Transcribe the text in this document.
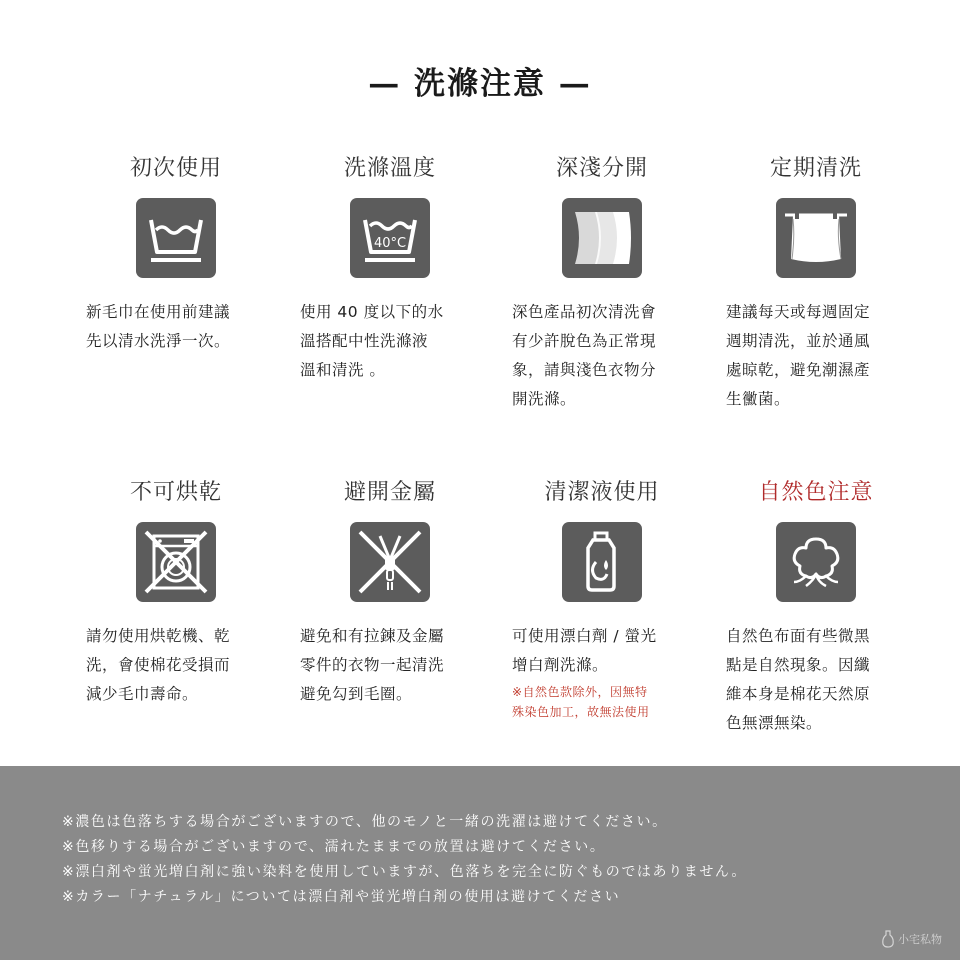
— 洗滌注意 —
初次使用
新毛巾在使用前建議
先以清水洗淨一次。
洗滌溫度
40°C
使用 40 度以下的水
溫搭配中性洗滌液
溫和清洗 。
深淺分開
深色產品初次清洗會
有少許脫色為正常現
象，請與淺色衣物分
開洗滌。
定期清洗
建議每天或每週固定
週期清洗，並於通風
處晾乾，避免潮濕產
生黴菌。
不可烘乾
請勿使用烘乾機、乾
洗，會使棉花受損而
減少毛巾壽命。
避開金屬
避免和有拉鍊及金屬
零件的衣物一起清洗
避免勾到毛圈。
清潔液使用
可使用漂白劑 / 螢光
增白劑洗滌。
※自然色款除外，因無特
殊染色加工，故無法使用
自然色注意
自然色布面有些微黑
點是自然現象。因纖
維本身是棉花天然原
色無漂無染。
※濃色は色落ちする場合がございますので、他のモノと一緒の洗濯は避けてください。
※色移りする場合がございますので、濡れたままでの放置は避けてください。
※漂白剤や蛍光増白剤に強い染料を使用していますが、色落ちを完全に防ぐものではありません。
※カラー「ナチュラル」については漂白剤や蛍光増白剤の使用は避けてください
小宅私物
